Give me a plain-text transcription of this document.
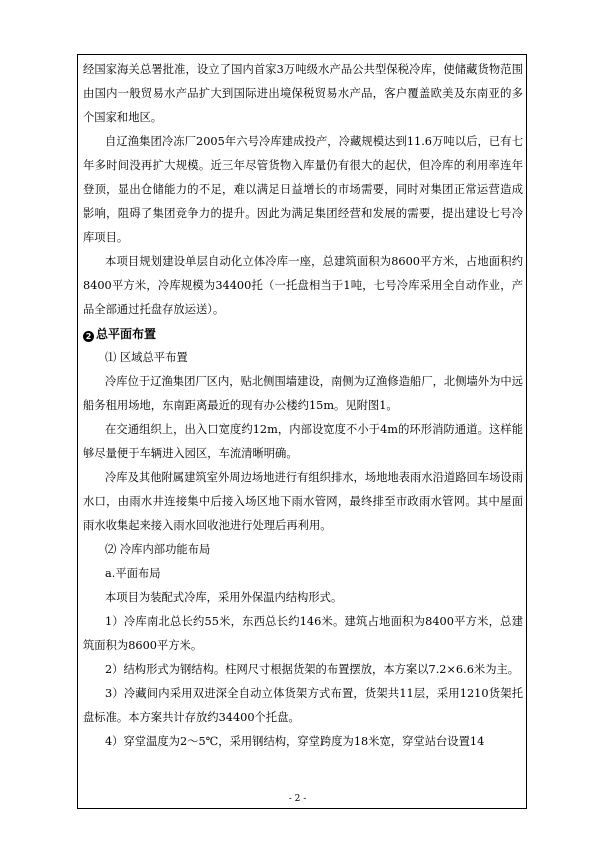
经国家海关总署批准，设立了国内首家3万吨级水产品公共型保税冷库，使储藏货物范围由国内一般贸易水产品扩大到国际进出境保税贸易水产品，客户覆盖欧美及东南亚的多个国家和地区。

自辽渔集团冷冻厂2005年六号冷库建成投产，冷藏规模达到11.6万吨以后，已有七年多时间没再扩大规模。近三年尽管货物入库量仍有很大的起伏，但冷库的利用率连年登顶，显出仓储能力的不足，难以满足日益增长的市场需要，同时对集团正常运营造成影响，阻碍了集团竞争力的提升。因此为满足集团经营和发展的需要，提出建设七号冷库项目。

本项目规划建设单层自动化立体冷库一座，总建筑面积为8600平方米，占地面积约8400平方米，冷库规模为34400托（一托盘相当于1吨，七号冷库采用全自动作业，产品全部通过托盘存放运送）。

2 总平面布置

⑴ 区域总平布置

冷库位于辽渔集团厂区内，贴北侧围墙建设，南侧为辽渔修造船厂，北侧墙外为中远船务租用场地，东南距离最近的现有办公楼约15m。见附图1。

在交通组织上，出入口宽度约12m，内部设宽度不小于4m的环形消防通道。这样能够尽量便于车辆进入园区，车流清晰明确。

冷库及其他附属建筑室外周边场地进行有组织排水，场地地表雨水沿道路回车场设雨水口，由雨水井连接集中后接入场区地下雨水管网，最终排至市政雨水管网。其中屋面雨水收集起来接入雨水回收池进行处理后再利用。

⑵ 冷库内部功能布局

a.平面布局

本项目为装配式冷库，采用外保温内结构形式。

1）冷库南北总长约55米，东西总长约146米。建筑占地面积为8400平方米，总建筑面积为8600平方米。

2）结构形式为钢结构。柱网尺寸根据货架的布置摆放，本方案以7.2×6.6米为主。

3）冷藏间内采用双进深全自动立体货架方式布置，货架共11层，采用1210货架托盘标准。本方案共计存放约34400个托盘。

4）穿堂温度为2～5℃，采用钢结构，穿堂跨度为18米宽，穿堂站台设置14

- 2 -
